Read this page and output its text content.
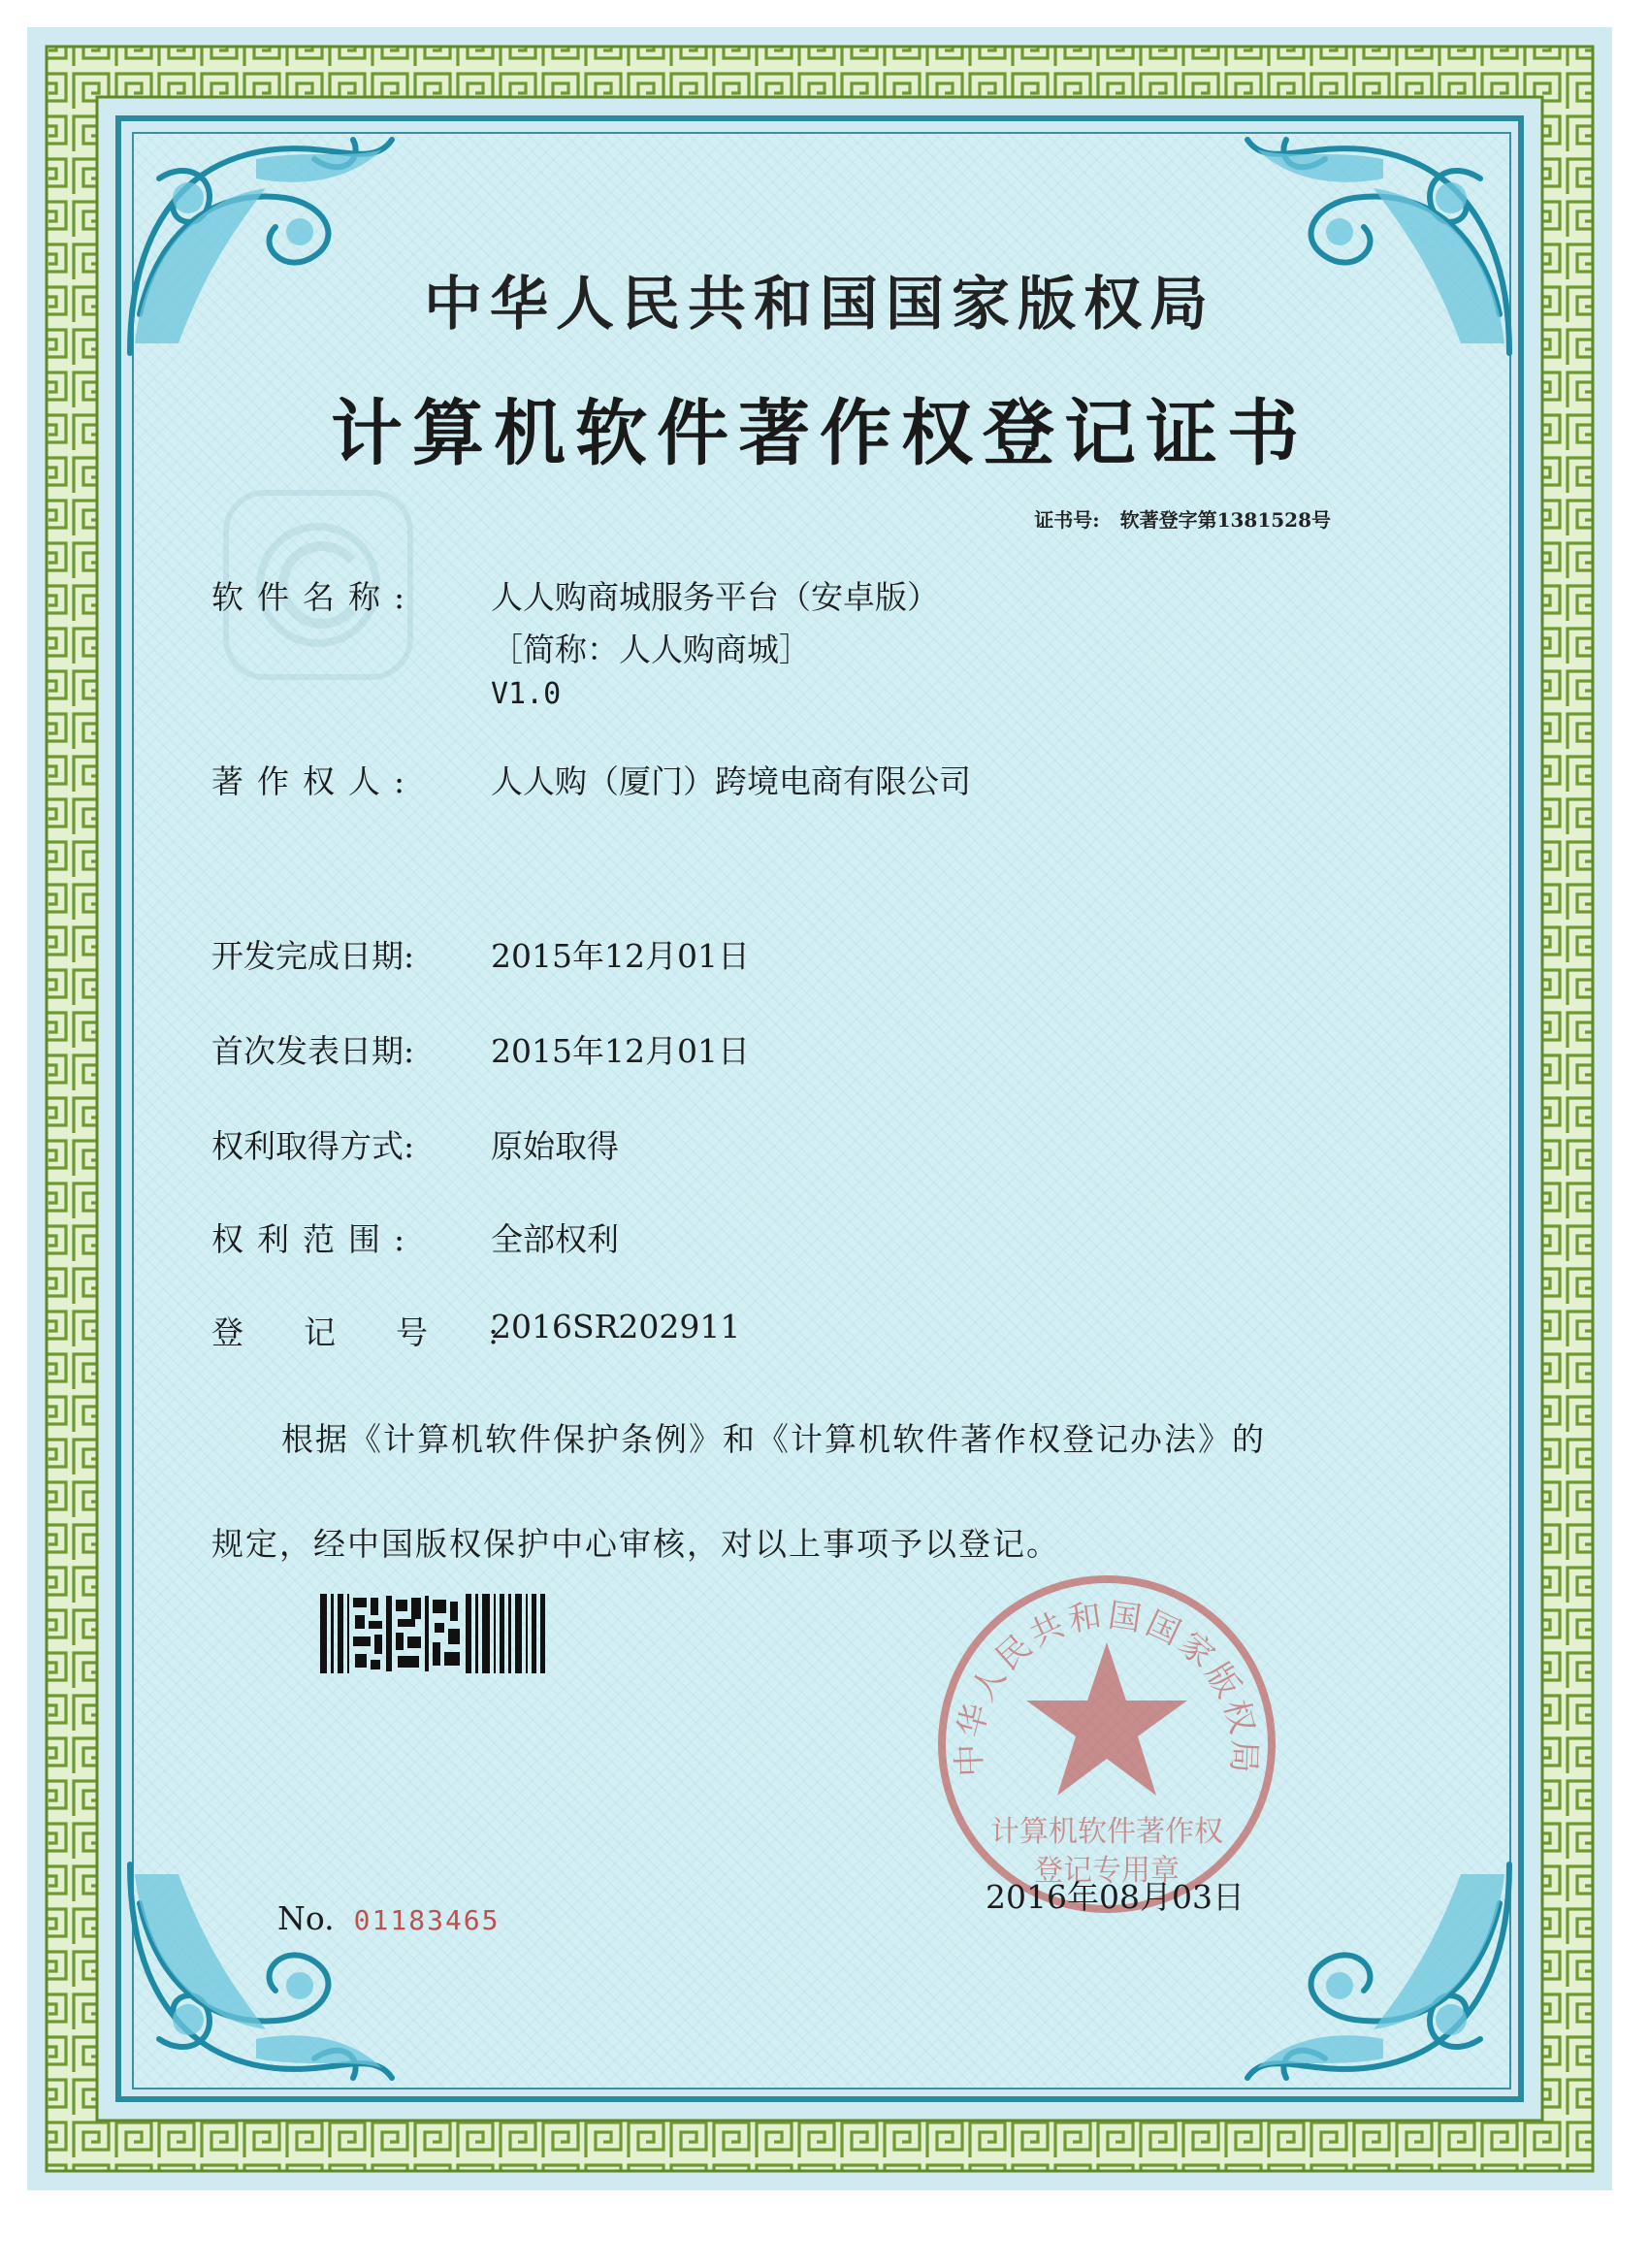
中华人民共和国国家版权局
计算机软件著作权登记证书
证书号: 软著登字第1381528号
软件名称: 人人购商城服务平台（安卓版）
［简称：人人购商城］
V1.0
著作权人: 人人购（厦门）跨境电商有限公司
开发完成日期: 2015年12月01日
首次发表日期: 2015年12月01日
权利取得方式: 原始取得
权利范围: 全部权利
登记号:
2016SR202911
根据《计算机软件保护条例》和《计算机软件著作权登记办法》的
规定，经中国版权保护中心审核，对以上事项予以登记。
中华人民共和国国家版权局
计算机软件著作权
登记专用章
No. 01183465
2016年08月03日
